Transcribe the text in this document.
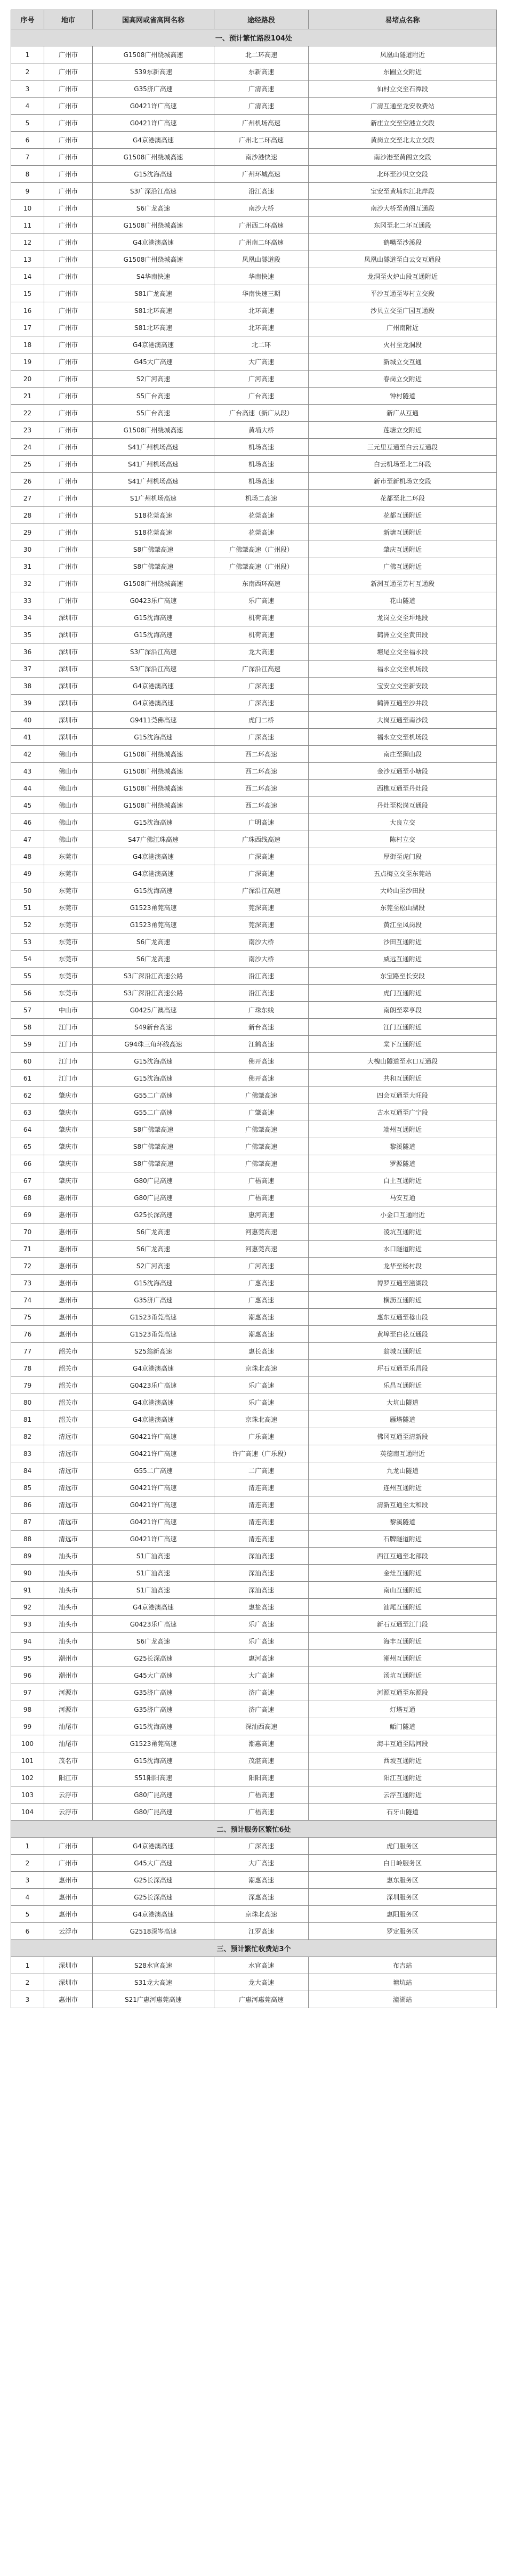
序号	地市	国高网或省高网名称	途经路段	易堵点名称
一、预计繁忙路段104处				
1	广州市	G1508广州绕城高速	北二环高速	凤凰山隧道附近
2	广州市	S39东新高速	东新高速	东圃立交附近
3	广州市	G35济广高速	广清高速	仙村立交至石潭段
4	广州市	G0421许广高速	广清高速	广清互通至龙安收费站
5	广州市	G0421许广高速	广州机场高速	新庄立交至空港立交段
6	广州市	G4京港澳高速	广州北二环高速	黄岗立交至北太立交段
7	广州市	G1508广州绕城高速	南沙港快速	南沙港至黄阁立交段
8	广州市	G15沈海高速	广州环城高速	北环至沙贝立交段
9	广州市	S3广深沿江高速	沿江高速	宝安至黄埔东江北岸段
10	广州市	S6广龙高速	南沙大桥	南沙大桥至黄阁互通段
11	广州市	G1508广州绕城高速	广州西二环高速	东冈至北二环互通段
12	广州市	G4京港澳高速	广州南二环高速	鹤嘴至沙溪段
13	广州市	G1508广州绕城高速	凤凰山隧道段	凤凰山隧道至白云交互通段
14	广州市	S4华南快速	华南快速	龙洞至火炉山段互通附近
15	广州市	S81广龙高速	华南快速三期	平沙互通至岑村立交段
16	广州市	S81北环高速	北环高速	沙贝立交至广园互通段
17	广州市	S81北环高速	北环高速	广州南附近
18	广州市	G4京港澳高速	北二环	火村至龙洞段
19	广州市	G45大广高速	大广高速	新城立交互通
20	广州市	S2广河高速	广河高速	春岗立交附近
21	广州市	S5广台高速	广台高速	钟村隧道
22	广州市	S5广台高速	广台高速（新广从段）	新广从互通
23	广州市	G1508广州绕城高速	黄埔大桥	莲塘立交附近
24	广州市	S41广州机场高速	机场高速	三元里互通至白云互通段
25	广州市	S41广州机场高速	机场高速	白云机场至北二环段
26	广州市	S41广州机场高速	机场高速	新市至新机场立交段
27	广州市	S1广州机场高速	机场二高速	花都至北二环段
28	广州市	S18花莞高速	花莞高速	花都互通附近
29	广州市	S18花莞高速	花莞高速	新塘互通附近
30	广州市	S8广佛肇高速	广佛肇高速（广州段）	肇庆互通附近
31	广州市	S8广佛肇高速	广佛肇高速（广州段）	广佛互通附近
32	广州市	G1508广州绕城高速	东南西环高速	新洲互通至芳村互通段
33	广州市	G0423乐广高速	乐广高速	花山隧道
34	深圳市	G15沈海高速	机荷高速	龙岗立交至坪地段
35	深圳市	G15沈海高速	机荷高速	鹤洲立交至黄田段
36	深圳市	S3广深沿江高速	龙大高速	塘尾立交至福永段
37	深圳市	S3广深沿江高速	广深沿江高速	福永立交至机场段
38	深圳市	G4京港澳高速	广深高速	宝安立交至新安段
39	深圳市	G4京港澳高速	广深高速	鹤洲互通至沙井段
40	深圳市	G9411莞佛高速	虎门二桥	大岗互通至南沙段
41	深圳市	G15沈海高速	广深高速	福永立交至机场段
42	佛山市	G1508广州绕城高速	西二环高速	南庄至狮山段
43	佛山市	G1508广州绕城高速	西二环高速	金沙互通至小塘段
44	佛山市	G1508广州绕城高速	西二环高速	西樵互通至丹灶段
45	佛山市	G1508广州绕城高速	西二环高速	丹灶至松岗互通段
46	佛山市	G15沈海高速	广明高速	大良立交
47	佛山市	S47广佛江珠高速	广珠西线高速	陈村立交
48	东莞市	G4京港澳高速	广深高速	厚街至虎门段
49	东莞市	G4京港澳高速	广深高速	五点梅立交至东莞站
50	东莞市	G15沈海高速	广深沿江高速	大岭山至沙田段
51	东莞市	G1523甬莞高速	莞深高速	东莞至松山湖段
52	东莞市	G1523甬莞高速	莞深高速	黄江至凤岗段
53	东莞市	S6广龙高速	南沙大桥	沙田互通附近
54	东莞市	S6广龙高速	南沙大桥	威远互通附近
55	东莞市	S3广深沿江高速公路	沿江高速	东宝路至长安段
56	东莞市	S3广深沿江高速公路	沿江高速	虎门互通附近
57	中山市	G0425广澳高速	广珠东线	南朗至翠亨段
58	江门市	S49新台高速	新台高速	江门互通附近
59	江门市	G94珠三角环线高速	江鹤高速	棠下互通附近
60	江门市	G15沈海高速	佛开高速	大槐山隧道至水口互通段
61	江门市	G15沈海高速	佛开高速	共和互通附近
62	肇庆市	G55二广高速	广佛肇高速	四会互通至大旺段
63	肇庆市	G55二广高速	广肇高速	古水互通至广宁段
64	肇庆市	S8广佛肇高速	广佛肇高速	端州互通附近
65	肇庆市	S8广佛肇高速	广佛肇高速	黎溪隧道
66	肇庆市	S8广佛肇高速	广佛肇高速	罗源隧道
67	肇庆市	G80广昆高速	广梧高速	白土互通附近
68	惠州市	G80广昆高速	广梧高速	马安互通
69	惠州市	G25长深高速	惠河高速	小金口互通附近
70	惠州市	S6广龙高速	河惠莞高速	凌坑互通附近
71	惠州市	S6广龙高速	河惠莞高速	水口隧道附近
72	惠州市	S2广河高速	广河高速	龙华至杨村段
73	惠州市	G15沈海高速	广惠高速	博罗互通至潼湖段
74	惠州市	G35济广高速	广惠高速	横沥互通附近
75	惠州市	G1523甬莞高速	潮惠高速	惠东互通至稔山段
76	惠州市	G1523甬莞高速	潮惠高速	黄埠至白花互通段
77	韶关市	S25翁新高速	惠长高速	翁城互通附近
78	韶关市	G4京港澳高速	京珠北高速	坪石互通至乐昌段
79	韶关市	G0423乐广高速	乐广高速	乐昌互通附近
80	韶关市	G4京港澳高速	乐广高速	大坑山隧道
81	韶关市	G4京港澳高速	京珠北高速	雁塔隧道
82	清远市	G0421许广高速	广乐高速	佛冈互通至清新段
83	清远市	G0421许广高速	许广高速（广乐段）	英德南互通附近
84	清远市	G55二广高速	二广高速	九龙山隧道
85	清远市	G0421许广高速	清连高速	连州互通附近
86	清远市	G0421许广高速	清连高速	清新互通至太和段
87	清远市	G0421许广高速	清连高速	黎溪隧道
88	清远市	G0421许广高速	清连高速	石牌隧道附近
89	汕头市	S1广汕高速	深汕高速	西江互通至北部段
90	汕头市	S1广汕高速	深汕高速	金灶互通附近
91	汕头市	S1广汕高速	深汕高速	南山互通附近
92	汕头市	G4京港澳高速	惠盐高速	汕尾互通附近
93	汕头市	G0423乐广高速	乐广高速	新石互通至江门段
94	汕头市	S6广龙高速	乐广高速	海丰互通附近
95	潮州市	G25长深高速	惠河高速	潮州互通附近
96	潮州市	G45大广高速	大广高速	汤坑互通附近
97	河源市	G35济广高速	济广高速	河源互通至东源段
98	河源市	G35济广高速	济广高速	灯塔互通
99	汕尾市	G15沈海高速	深汕西高速	鲘门隧道
100	汕尾市	G1523甬莞高速	潮惠高速	海丰互通至陆河段
101	茂名市	G15沈海高速	茂湛高速	西坡互通附近
102	阳江市	S51阳阳高速	阳阳高速	阳江互通附近
103	云浮市	G80广昆高速	广梧高速	云浮互通附近
104	云浮市	G80广昆高速	广梧高速	石牙山隧道
二、预计服务区繁忙6处				
1	广州市	G4京港澳高速	广深高速	虎门服务区
2	广州市	G45大广高速	大广高速	白日岭服务区
3	惠州市	G25长深高速	潮惠高速	惠东服务区
4	惠州市	G25长深高速	深惠高速	深圳服务区
5	惠州市	G4京港澳高速	京珠北高速	惠阳服务区
6	云浮市	G2518深岑高速	江罗高速	罗定服务区
三、预计繁忙收费站3个				
1	深圳市	S28水官高速	水官高速	布吉站
2	深圳市	S31龙大高速	龙大高速	塘坑站
3	惠州市	S21广惠河惠莞高速	广惠河惠莞高速	潼湖站
